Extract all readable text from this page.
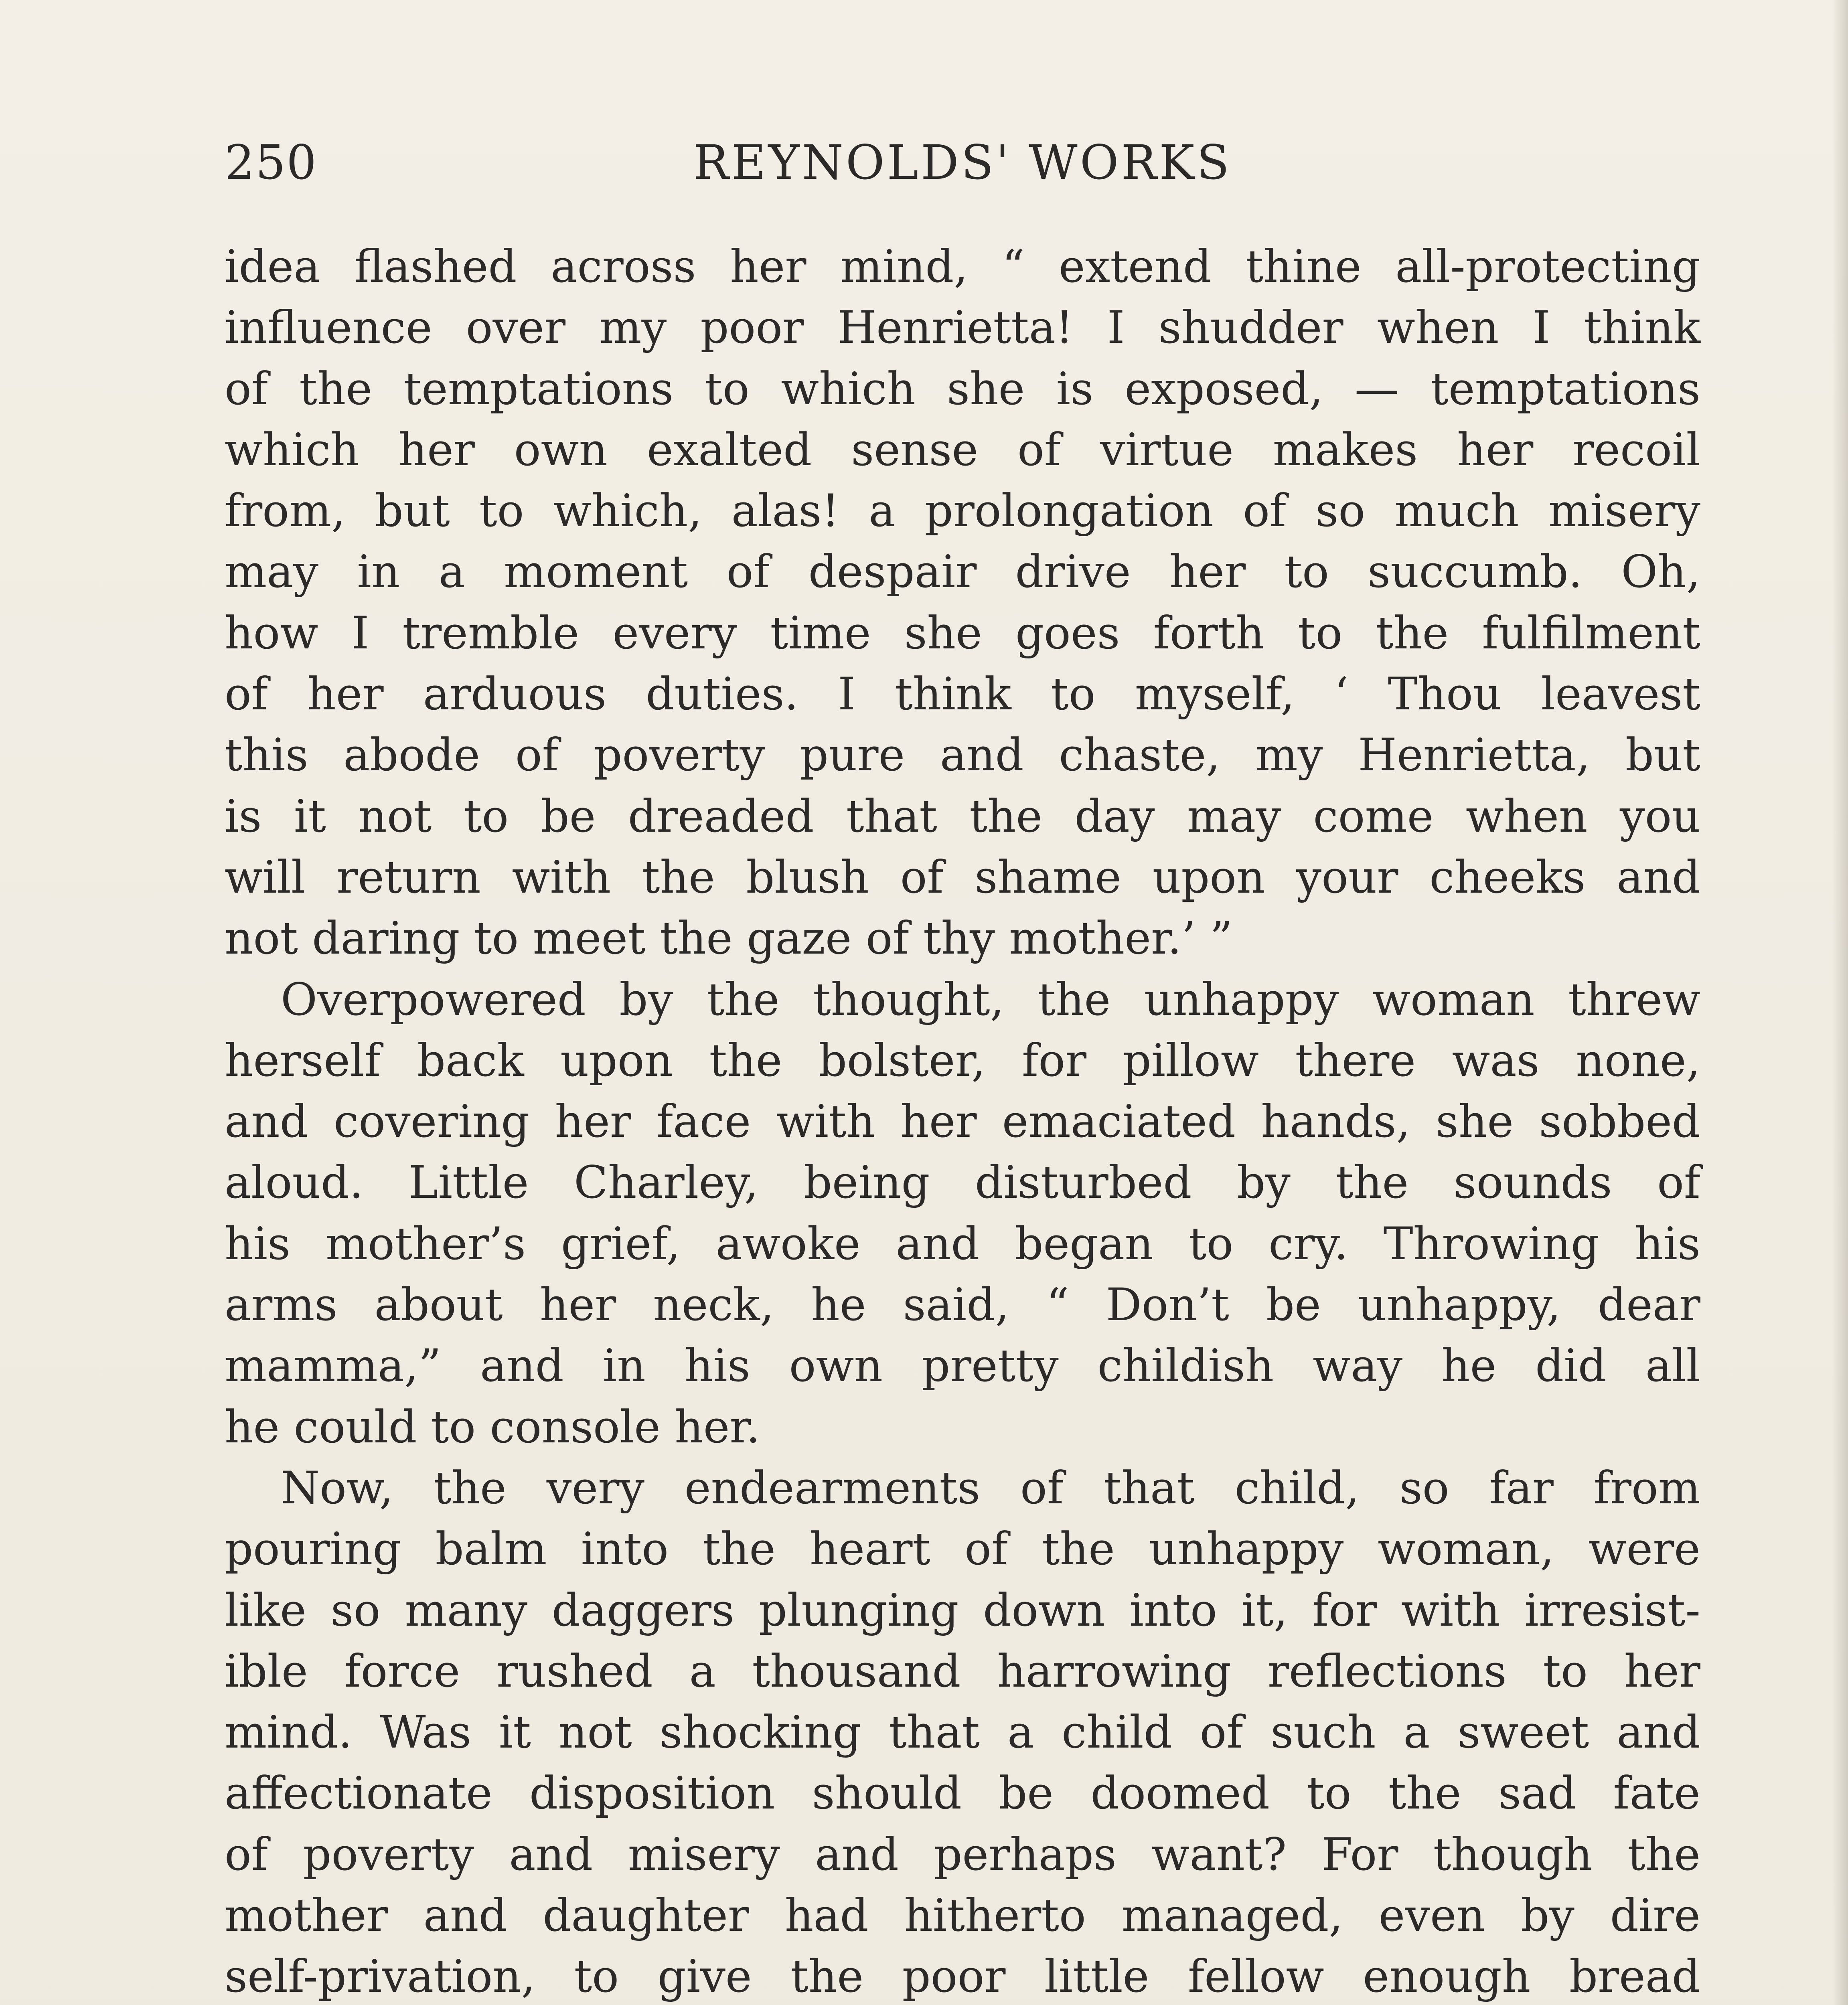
250	REYNOLDS' WORKS
idea flashed across her mind, “ extend thine all-protecting
influence over my poor Henrietta! I shudder when I think
of the temptations to which she is exposed, — temptations
which her own exalted sense of virtue makes her recoil
from, but to which, alas! a prolongation of so much misery
may in a moment of despair drive her to succumb. Oh,
how I tremble every time she goes forth to the fulfilment
of her arduous duties. I think to myself, ‘ Thou leavest
this abode of poverty pure and chaste, my Henrietta, but
is it not to be dreaded that the day may come when you
will return with the blush of shame upon your cheeks and
not daring to meet the gaze of thy mother.’ ”
Overpowered by the thought, the unhappy woman threw
herself back upon the bolster, for pillow there was none,
and covering her face with her emaciated hands, she sobbed
aloud. Little Charley, being disturbed by the sounds of
his mother’s grief, awoke and began to cry. Throwing his
arms about her neck, he said, “ Don’t be unhappy, dear
mamma,” and in his own pretty childish way he did all
he could to console her.
Now, the very endearments of that child, so far from
pouring balm into the heart of the unhappy woman, were
like so many daggers plunging down into it, for with irresist-
ible force rushed a thousand harrowing reflections to her
mind. Was it not shocking that a child of such a sweet and
affectionate disposition should be doomed to the sad fate
of poverty and misery and perhaps want? For though the
mother and daughter had hitherto managed, even by dire
self-privation, to give the poor little fellow enough bread
